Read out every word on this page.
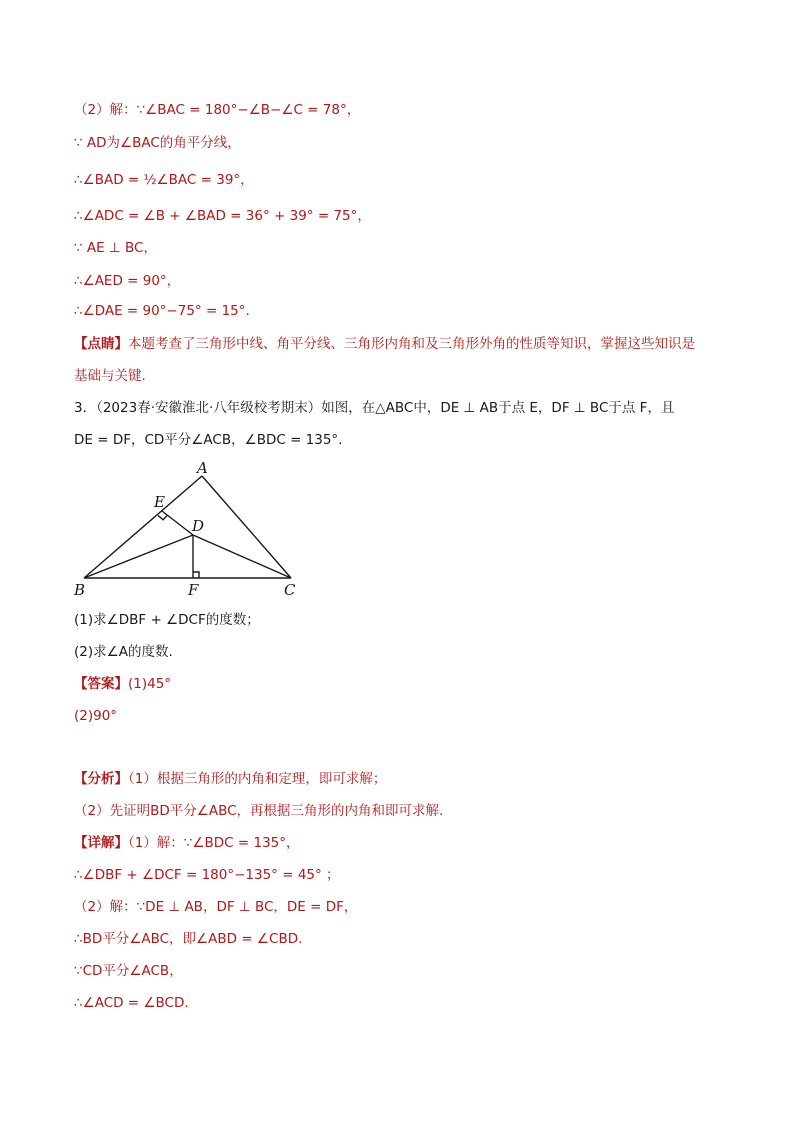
（2）解：∵∠BAC = 180°−∠B−∠C = 78°，
∵ AD为∠BAC的角平分线，
∴∠BAD = ½∠BAC = 39°，
∴∠ADC = ∠B + ∠BAD = 36° + 39° = 75°，
∵ AE ⊥ BC，
∴∠AED = 90°，
∴∠DAE = 90°−75° = 15°.
【点睛】本题考查了三角形中线、角平分线、三角形内角和及三角形外角的性质等知识，掌握这些知识是
基础与关键.
3．（2023春·安徽淮北·八年级校考期末）如图，在△ABC中，DE ⊥ AB于点 E，DF ⊥ BC于点 F，且
DE = DF，CD平分∠ACB，∠BDC = 135°.
A
B	C
D
E
F
(1)求∠DBF + ∠DCF的度数；
(2)求∠A的度数.
【答案】(1)45°
(2)90°
【分析】（1）根据三角形的内角和定理，即可求解；
（2）先证明BD平分∠ABC，再根据三角形的内角和即可求解.
【详解】（1）解：∵∠BDC = 135°，
∴∠DBF + ∠DCF = 180°−135° = 45° ；
（2）解：∵DE ⊥ AB，DF ⊥ BC，DE = DF，
∴BD平分∠ABC，即∠ABD = ∠CBD.
∵CD平分∠ACB，
∴∠ACD = ∠BCD.
